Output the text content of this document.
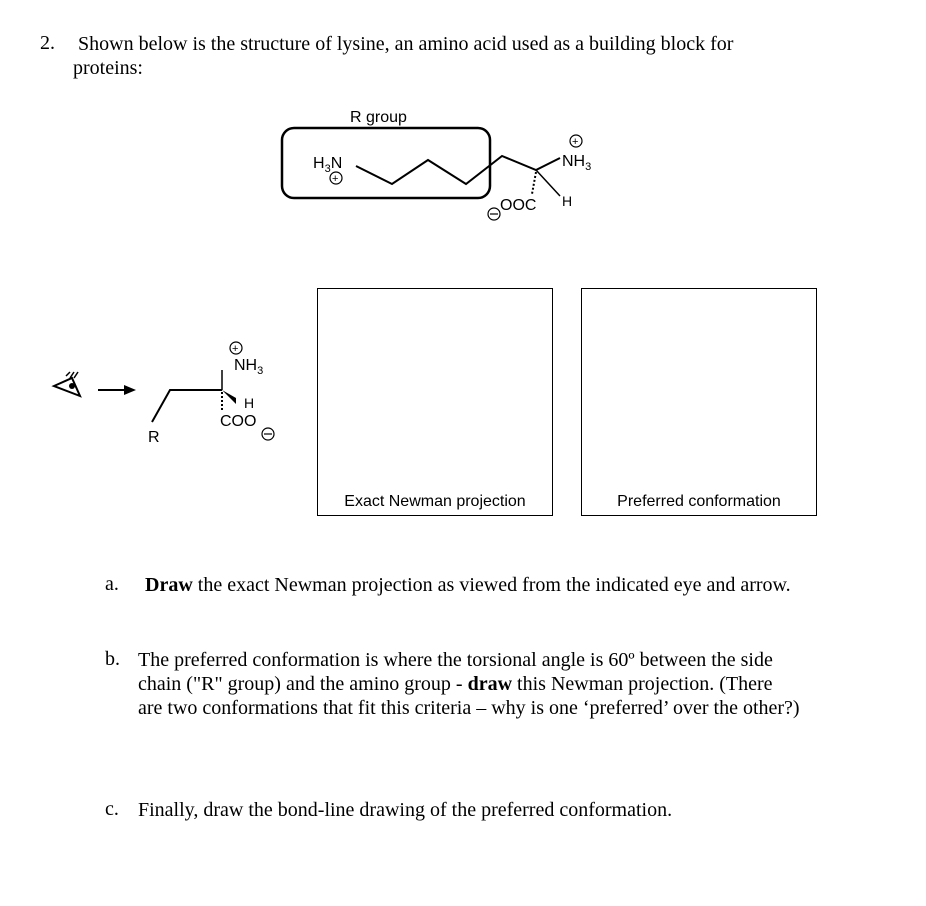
2. Shown below is the structure of lysine, an amino acid used as a building block for
proteins:
R group
$H_3N$
+
+
$NH_3$
OOC H
+
$NH_3$
H
COO
R
Exact Newman projection	Preferred conformation
a. Draw the exact Newman projection as viewed from the indicated eye and arrow.
b. The preferred conformation is where the torsional angle is 60º between the side
chain ("R" group) and the amino group - draw this Newman projection. (There
are two conformations that fit this criteria – why is one ‘preferred’ over the other?)
c. Finally, draw the bond-line drawing of the preferred conformation.
